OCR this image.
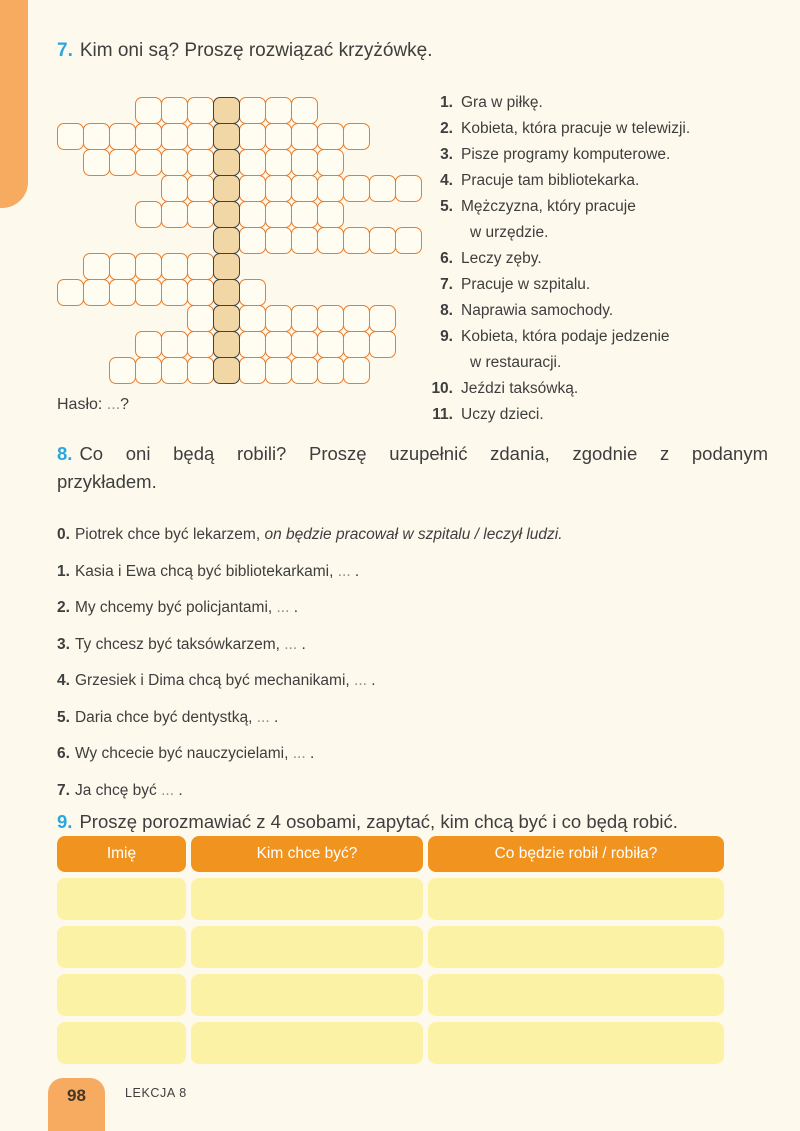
7. Kim oni są? Proszę rozwiązać krzyżówkę.
Hasło: ...?
1. Gra w piłkę.
2. Kobieta, która pracuje w telewizji.
3. Pisze programy komputerowe.
4. Pracuje tam bibliotekarka.
5. Mężczyzna, który pracuje
w urzędzie.
6. Leczy zęby.
7. Pracuje w szpitalu.
8. Naprawia samochody.
9. Kobieta, która podaje jedzenie
w restauracji.
10. Jeździ taksówką.
11. Uczy dzieci.
8. Co oni będą robili? Proszę uzupełnić zdania, zgodnie z podanym
przykładem.
0. Piotrek chce być lekarzem, on będzie pracował w szpitalu / leczył ludzi.
1. Kasia i Ewa chcą być bibliotekarkami, ... .
2. My chcemy być policjantami, ... .
3. Ty chcesz być taksówkarzem, ... .
4. Grzesiek i Dima chcą być mechanikami, ... .
5. Daria chce być dentystką, ... .
6. Wy chcecie być nauczycielami, ... .
7. Ja chcę być ... .
9. Proszę porozmawiać z 4 osobami, zapytać, kim chcą być i co będą robić.
Imię	Kim chce być?	Co będzie robił / robiła?
98	LEKCJA 8
